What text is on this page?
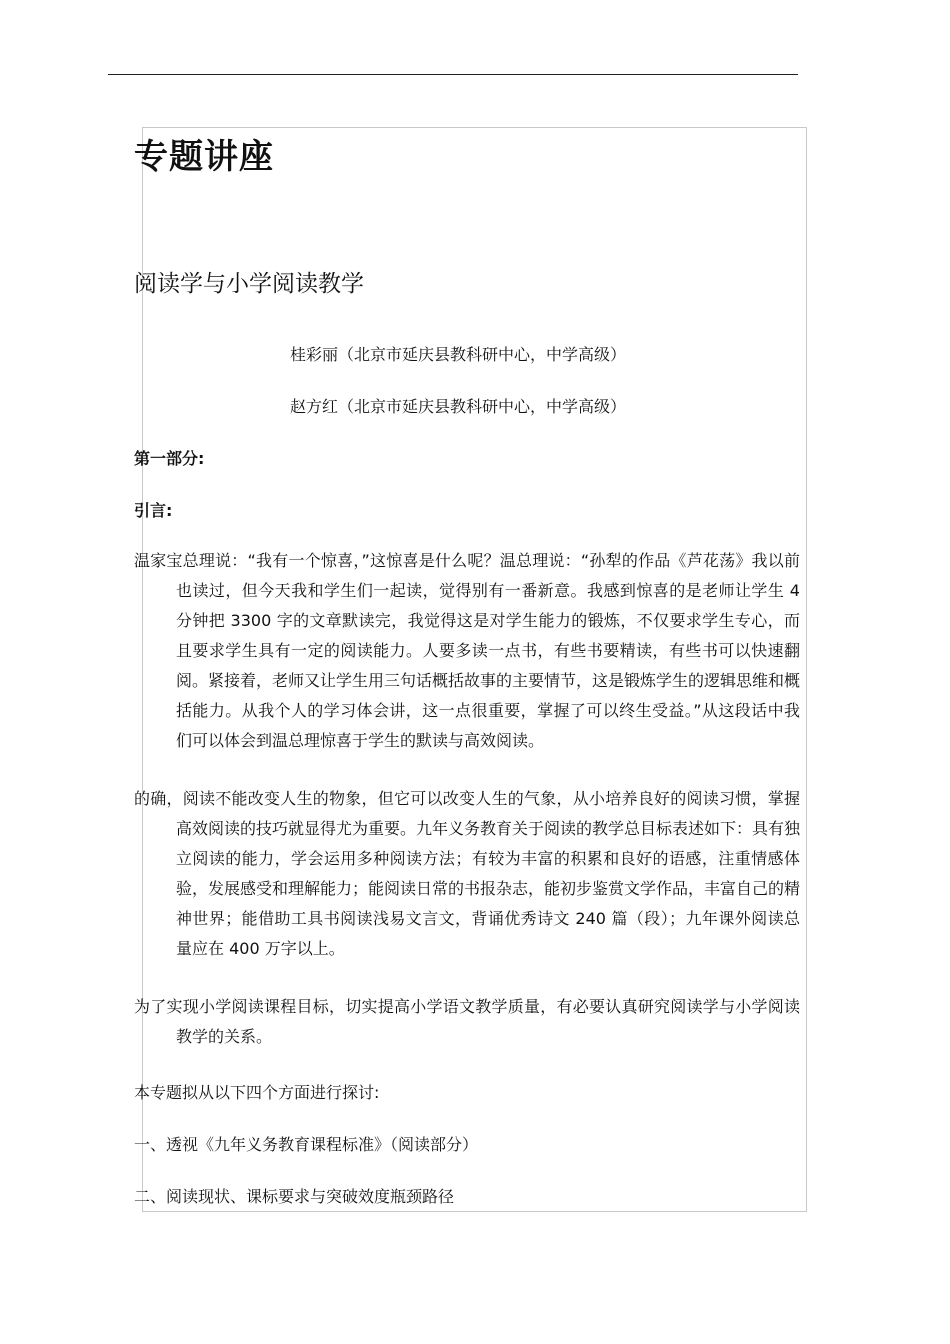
专题讲座
阅读学与小学阅读教学

桂彩丽（北京市延庆县教科研中心，中学高级）

赵方红（北京市延庆县教科研中心，中学高级）

第一部分:

引言:

温家宝总理说：“我有一个惊喜，”这惊喜是什么呢？温总理说：“孙犁的作品《芦花荡》我以前也读过，但今天我和学生们一起读，觉得别有一番新意。我感到惊喜的是老师让学生 4 分钟把 3300 字的文章默读完，我觉得这是对学生能力的锻炼，不仅要求学生专心，而且要求学生具有一定的阅读能力。人要多读一点书，有些书要精读，有些书可以快速翻阅。紧接着，老师又让学生用三句话概括故事的主要情节，这是锻炼学生的逻辑思维和概括能力。从我个人的学习体会讲，这一点很重要，掌握了可以终生受益。”从这段话中我们可以体会到温总理惊喜于学生的默读与高效阅读。

的确，阅读不能改变人生的物象，但它可以改变人生的气象，从小培养良好的阅读习惯，掌握高效阅读的技巧就显得尤为重要。九年义务教育关于阅读的教学总目标表述如下：具有独立阅读的能力，学会运用多种阅读方法；有较为丰富的积累和良好的语感，注重情感体验，发展感受和理解能力；能阅读日常的书报杂志，能初步鉴赏文学作品，丰富自己的精神世界；能借助工具书阅读浅易文言文，背诵优秀诗文 240 篇（段）；九年课外阅读总量应在 400 万字以上。

为了实现小学阅读课程目标，切实提高小学语文教学质量，有必要认真研究阅读学与小学阅读教学的关系。

本专题拟从以下四个方面进行探讨:

一、透视《九年义务教育课程标准》（阅读部分）

二、阅读现状、课标要求与突破效度瓶颈路径
